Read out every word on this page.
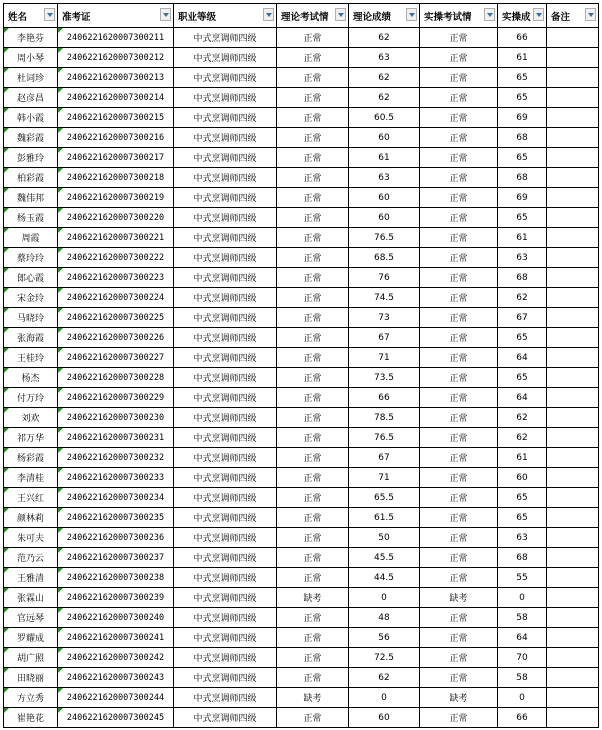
姓名	准考证	职业等级	理论考试情	理论成绩	实操考试情	实操成	备注

李艳芬	2406221620007300211	中式烹调师四级	正常	62	正常	66	

周小琴	2406221620007300212	中式烹调师四级	正常	63	正常	61	

杜词珍	2406221620007300213	中式烹调师四级	正常	62	正常	65	

赵彦昌	2406221620007300214	中式烹调师四级	正常	62	正常	65	

韩小霞	2406221620007300215	中式烹调师四级	正常	60.5	正常	69	

魏彩霞	2406221620007300216	中式烹调师四级	正常	60	正常	68	

彭雅玲	2406221620007300217	中式烹调师四级	正常	61	正常	65	

柏彩霞	2406221620007300218	中式烹调师四级	正常	63	正常	68	

魏伟邦	2406221620007300219	中式烹调师四级	正常	60	正常	69	

杨玉霞	2406221620007300220	中式烹调师四级	正常	60	正常	65	

周霞	2406221620007300221	中式烹调师四级	正常	76.5	正常	61	

蔡玲玲	2406221620007300222	中式烹调师四级	正常	68.5	正常	63	

郎心霞	2406221620007300223	中式烹调师四级	正常	76	正常	68	

宋金玲	2406221620007300224	中式烹调师四级	正常	74.5	正常	62	

马晓玲	2406221620007300225	中式烹调师四级	正常	73	正常	67	

张海霞	2406221620007300226	中式烹调师四级	正常	67	正常	65	

王桂玲	2406221620007300227	中式烹调师四级	正常	71	正常	64	

杨杰	2406221620007300228	中式烹调师四级	正常	73.5	正常	65	

付万玲	2406221620007300229	中式烹调师四级	正常	66	正常	64	

刘欢	2406221620007300230	中式烹调师四级	正常	78.5	正常	62	

祁万华	2406221620007300231	中式烹调师四级	正常	76.5	正常	62	

杨彩霞	2406221620007300232	中式烹调师四级	正常	67	正常	61	

李清桂	2406221620007300233	中式烹调师四级	正常	71	正常	60	

王兴红	2406221620007300234	中式烹调师四级	正常	65.5	正常	65	

颜林莉	2406221620007300235	中式烹调师四级	正常	61.5	正常	65	

朱可夫	2406221620007300236	中式烹调师四级	正常	50	正常	63	

范乃云	2406221620007300237	中式烹调师四级	正常	45.5	正常	68	

王雅清	2406221620007300238	中式烹调师四级	正常	44.5	正常	55	

张霖山	2406221620007300239	中式烹调师四级	缺考	0	缺考	0	

官远琴	2406221620007300240	中式烹调师四级	正常	48	正常	58	

罗耀成	2406221620007300241	中式烹调师四级	正常	56	正常	64	

胡广照	2406221620007300242	中式烹调师四级	正常	72.5	正常	70	

田晓丽	2406221620007300243	中式烹调师四级	正常	62	正常	58	

方立秀	2406221620007300244	中式烹调师四级	缺考	0	缺考	0	

崔艳花	2406221620007300245	中式烹调师四级	正常	60	正常	66	
